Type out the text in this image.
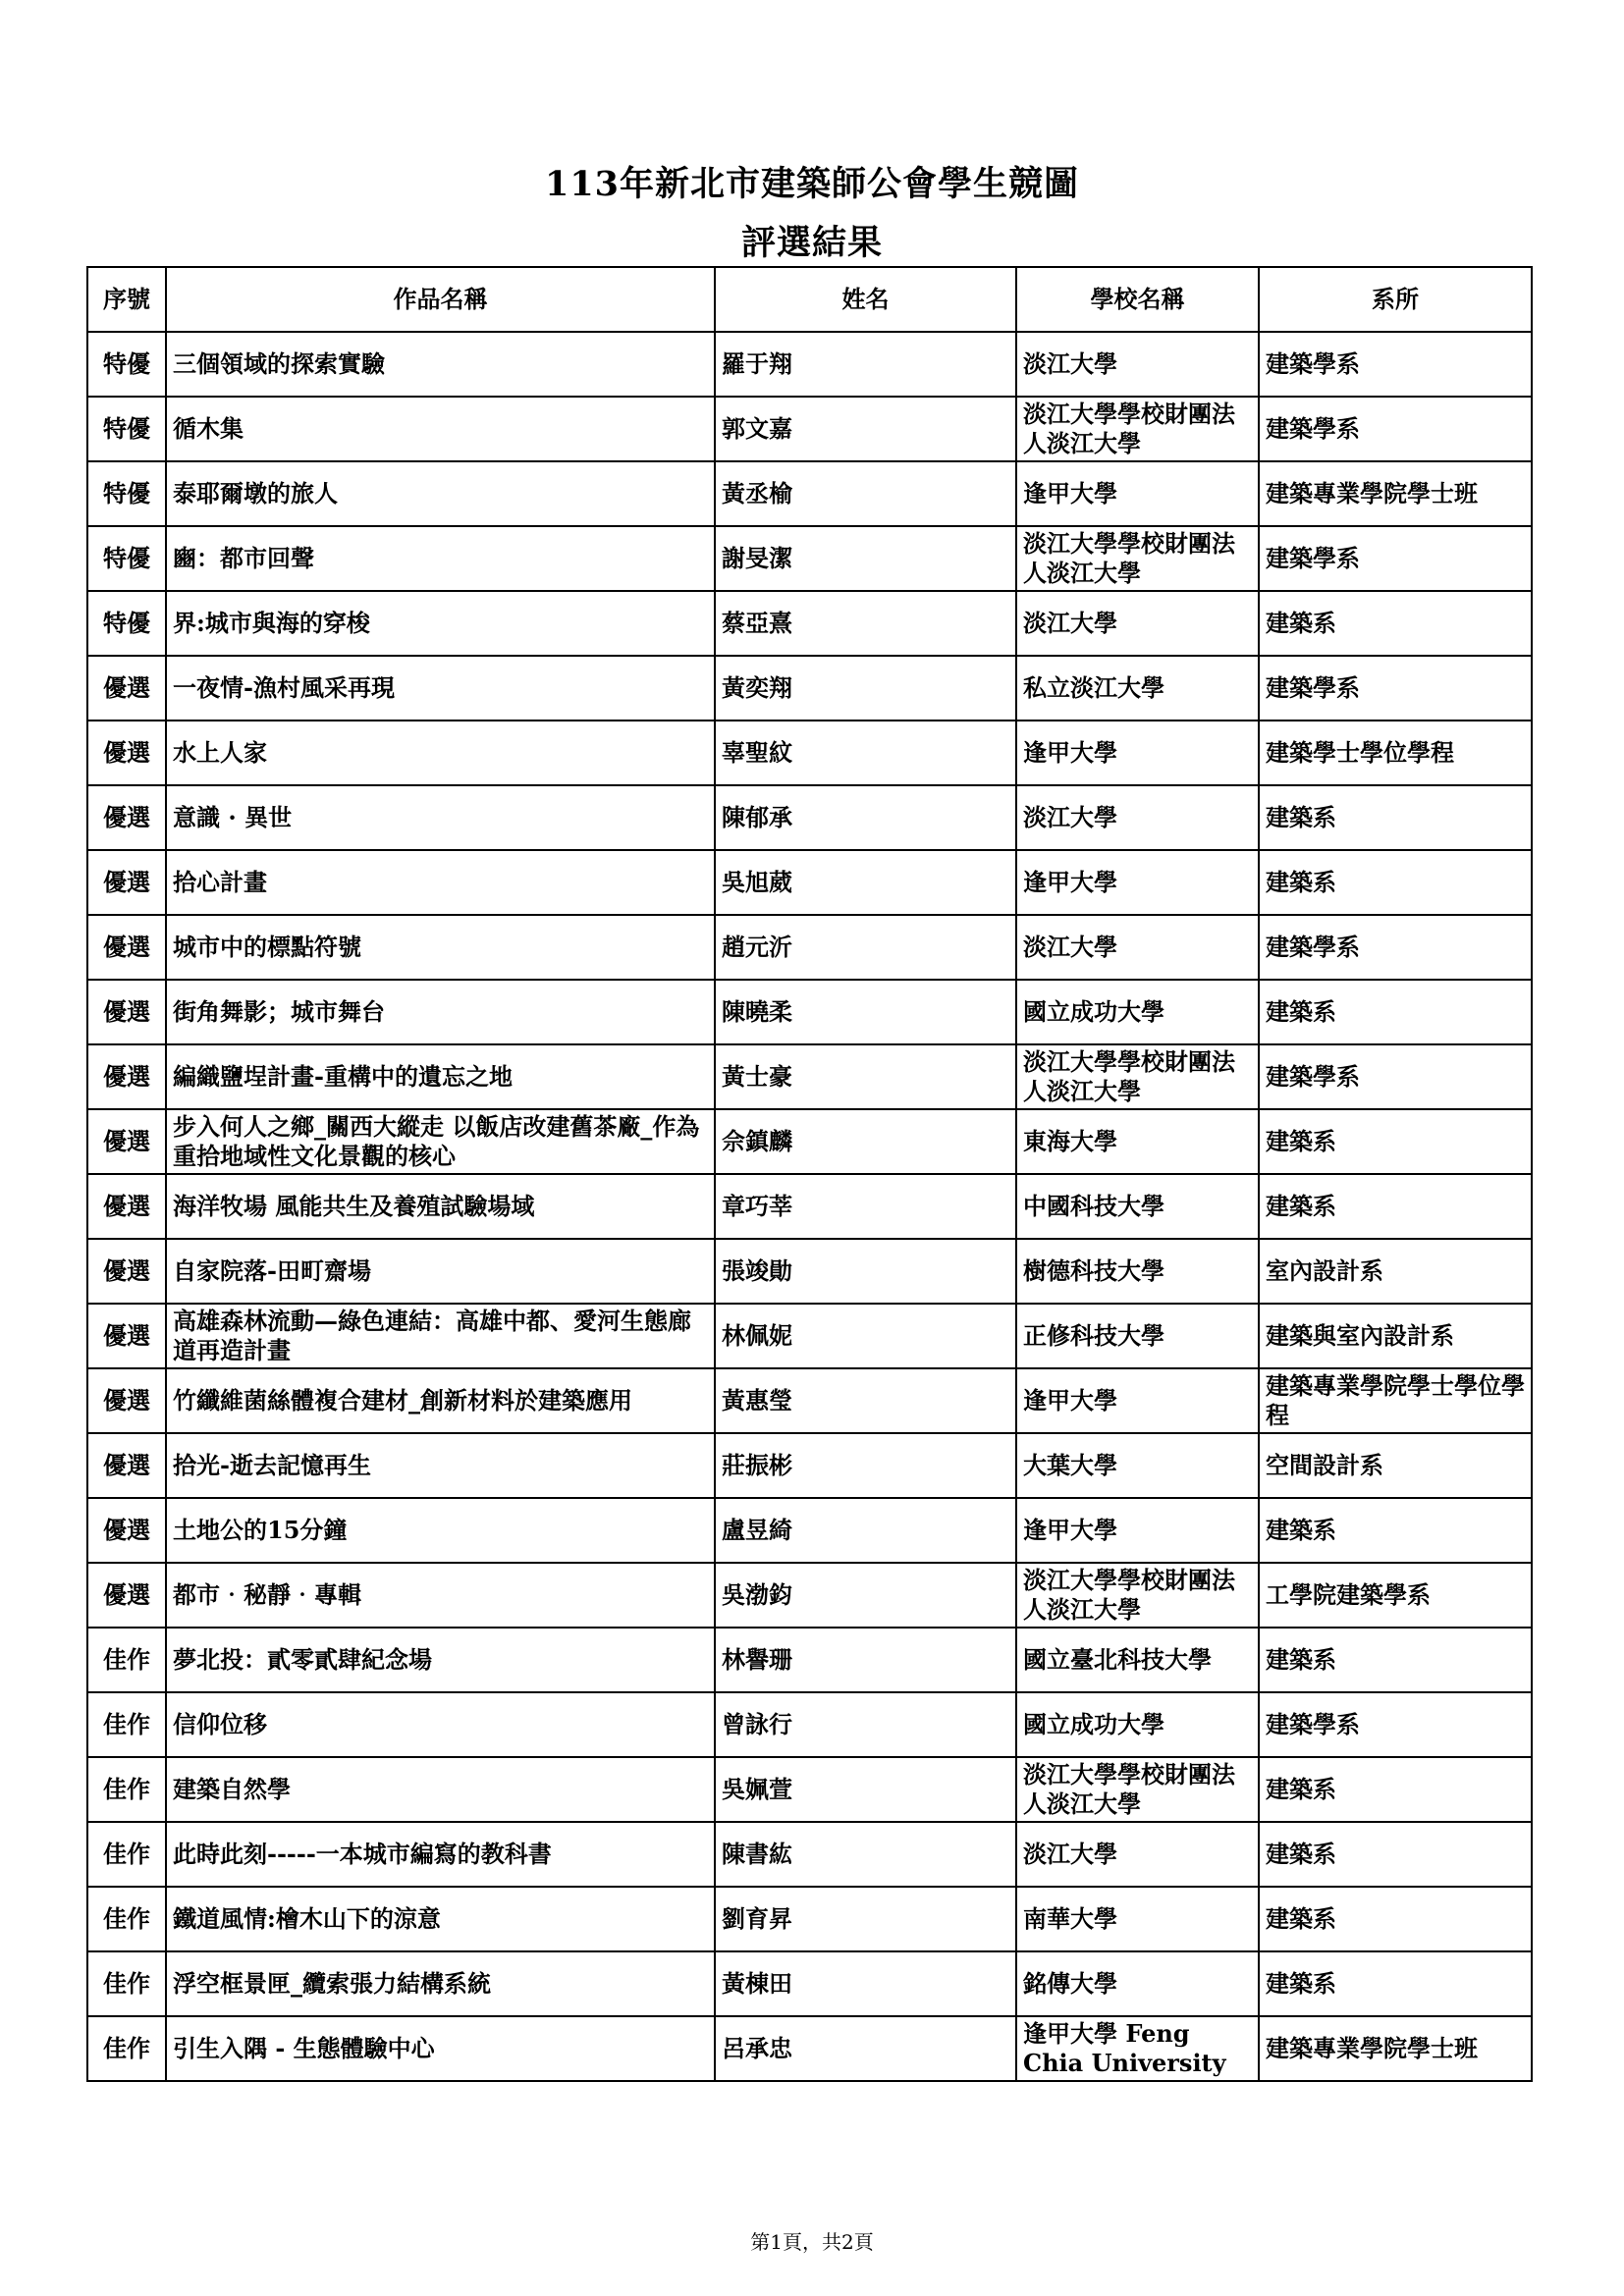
113年新北市建築師公會學生競圖
評選結果
序號	作品名稱	姓名	學校名稱	系所
特優	三個領域的探索實驗	羅于翔	淡江大學	建築學系
特優	循木集	郭文嘉	淡江大學學校財團法人淡江大學	建築學系
特優	泰耶爾墩的旅人	黃丞榆	逢甲大學	建築專業學院學士班
特優	豳：都市回聲	謝旻潔	淡江大學學校財團法人淡江大學	建築學系
特優	界:城市與海的穿梭	蔡亞熹	淡江大學	建築系
優選	一夜情-漁村風采再現	黃奕翔	私立淡江大學	建築學系
優選	水上人家	辜聖紋	逢甲大學	建築學士學位學程
優選	意識 · 異世	陳郁承	淡江大學	建築系
優選	拾心計畫	吳旭葳	逢甲大學	建築系
優選	城市中的標點符號	趙元沂	淡江大學	建築學系
優選	街角舞影；城市舞台	陳曉柔	國立成功大學	建築系
優選	編織鹽埕計畫-重構中的遺忘之地	黃士豪	淡江大學學校財團法人淡江大學	建築學系
優選	步入何人之鄉_關西大縱走 以飯店改建舊茶廠_作為重拾地域性文化景觀的核心	佘鎮麟	東海大學	建築系
優選	海洋牧場 風能共生及養殖試驗場域	章巧莘	中國科技大學	建築系
優選	自家院落-田町齋場	張竣勛	樹德科技大學	室內設計系
優選	高雄森林流動—綠色連結：高雄中都、愛河生態廊道再造計畫	林佩妮	正修科技大學	建築與室內設計系
優選	竹纖維菌絲體複合建材_創新材料於建築應用	黃惠瑩	逢甲大學	建築專業學院學士學位學程
優選	拾光-逝去記憶再生	莊振彬	大葉大學	空間設計系
優選	土地公的15分鐘	盧昱綺	逢甲大學	建築系
優選	都市‧秘靜‧專輯	吳渤鈞	淡江大學學校財團法人淡江大學	工學院建築學系
佳作	夢北投：貳零貳肆紀念場	林譽珊	國立臺北科技大學	建築系
佳作	信仰位移	曾詠行	國立成功大學	建築學系
佳作	建築自然學	吳姵萱	淡江大學學校財團法人淡江大學	建築系
佳作	此時此刻-----一本城市編寫的教科書	陳書紘	淡江大學	建築系
佳作	鐵道風情:檜木山下的涼意	劉育昇	南華大學	建築系
佳作	浮空框景匣_纜索張力結構系統	黃棟田	銘傳大學	建築系
佳作	引生入隅 - 生態體驗中心	呂承忠	逢甲大學 Feng Chia University	建築專業學院學士班
第1頁，共2頁
